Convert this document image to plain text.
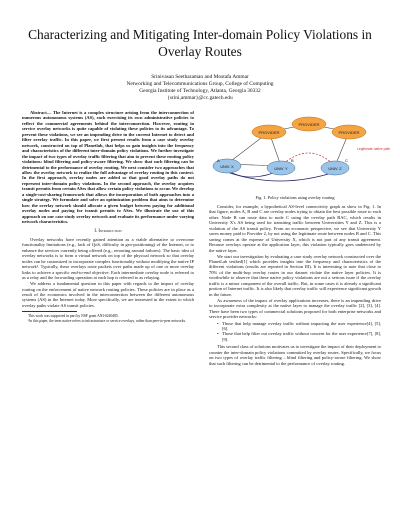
Characterizing and Mitigating Inter-domain Policy Violations in Overlay Routes
Srinivasan Seetharaman and Mostafa Ammar
Networking and Telecommunications Group, College of Computing
Georgia Institute of Technology, Atlanta, Georgia 30332
{srini,ammar}@cc.gatech.edu

Abstract— The Internet is a complex structure arising from the interconnection of numerous autonomous systems (AS), each exercising its own administrative policies to reflect the commercial agreements behind the interconnection. However, routing in service overlay networks is quite capable of violating these policies to its advantage. To prevent these violations, we see an impending drive in the current Internet to detect and filter overlay traffic. In this paper, we first present results from a case study overlay network, constructed on top of Planetlab, that helps us gain insights into the frequency and characteristics of the different inter-domain policy violations. We further investigate the impact of two types of overlay traffic filtering that aim to prevent these routing policy violations: blind filtering and policy-aware filtering. We show that such filtering can be detrimental to the performance of overlay routing. We next consider two approaches that allow the overlay network to realize the full advantage of overlay routing in this context. In the first approach, overlay nodes are added so that good overlay paths do not represent inter-domain policy violations. In the second approach, the overlay acquires transit permits from certain ASes that allow certain policy violations to occur. We develop a single-cost-sharing framework that allows the incorporation of both approaches into a single strategy. We formulate and solve an optimization problem that aims to determine how the overlay network should allocate a given budget between paying for additional overlay nodes and paying for transit permits to ASes. We illustrate the use of this approach on our case study overlay network and evaluate its performance under varying network characteristics.

I. Introduction

Overlay networks have recently gained attention as a viable alternative to overcome functionality limitations (e.g., lack of QoS, difficulty in geo-positioning) of the Internet, or to enhance the services currently being offered (e.g., rerouting around failures). The basic idea of overlay networks is to form a virtual network on top of the physical network so that overlay nodes can be customized to incorporate complex functionality without modifying the native IP network¹. Typically, these overlays route packets over paths made up of one or more overlay links to achieve a specific end-to-end objective. Each intermediate overlay node is referred to as a relay and the forwarding operation at each hop is referred to as relaying.

We address a fundamental question in this paper with regards to the impact of overlay routing on the enforcement of native network routing policies. These policies are in place as a result of the economics involved in the interconnection between the different autonomous systems (AS) in the Internet today. More specifically, we are interested in the extent to which overlay paths violate AS transit policies.

This work was supported in part by NSF grant ANI-0240485.

¹In this paper, the term native refers to infrastructure or service overlays, rather than peer-to-peer networks.

PROVIDER
PROVIDER
PROVIDER
UNIV. X	UNIV. Y	UNIV. Z
A	B	C
Legitimate native path
Fig. 1. Policy violations using overlay routing

Consider, for example, a hypothetical AS-level connectivity graph as show in Fig. 1. In that figure, nodes A, B and C are overlay nodes trying to obtain the best possible route to each other. Node B can route data to node C using the overlay path BAC, which results in University X's AS being used for transiting traffic between Universities Y and Z. This is a violation of the AS transit policy. From an economic perspective, we see that University Y saves money paid to Provider 2, by not using the legitimate route between nodes B and C. This saving comes at the expense of University X, which is not part of any transit agreement. Because overlays operate at the application layer, this violation typically goes undetected by the native layer.

We start our investigation by evaluating a case study overlay network constructed over the PlanetLab testbed[1] which provides insights into the frequency and characteristics of the different violations (results are reported in Section III). It is interesting to note that close to 70% of the multi-hop overlay routes in our dataset violate the native layer policies. It is worthwhile to observe that these native policy violations are not a serious issue if the overlay traffic is a minor component of the overall traffic. But, in some cases it is already a significant portion of Internet traffic. It is also likely that overlay traffic will experience significant growth in the future.

As awareness of the impact of overlay applications increases, there is an impending drive to incorporate extra complexity at the native layer to manage the overlay traffic [2], [3], [4]. There have been two types of commercial solutions proposed for both enterprise networks and service provider networks:

• Those that help manage overlay traffic without impacting the user experience[4], [5], [6].
• Those that help filter out overlay traffic without concern for the user experience[7], [8], [9].

This second class of solutions motivates us to investigate the impact of their deployment to counter the inter-domain policy violations committed by overlay routes. Specifically, we focus on two types of overlay traffic filtering – blind filtering and policy-aware filtering. We show that such filtering can be detrimental to the performance of overlay routing.
